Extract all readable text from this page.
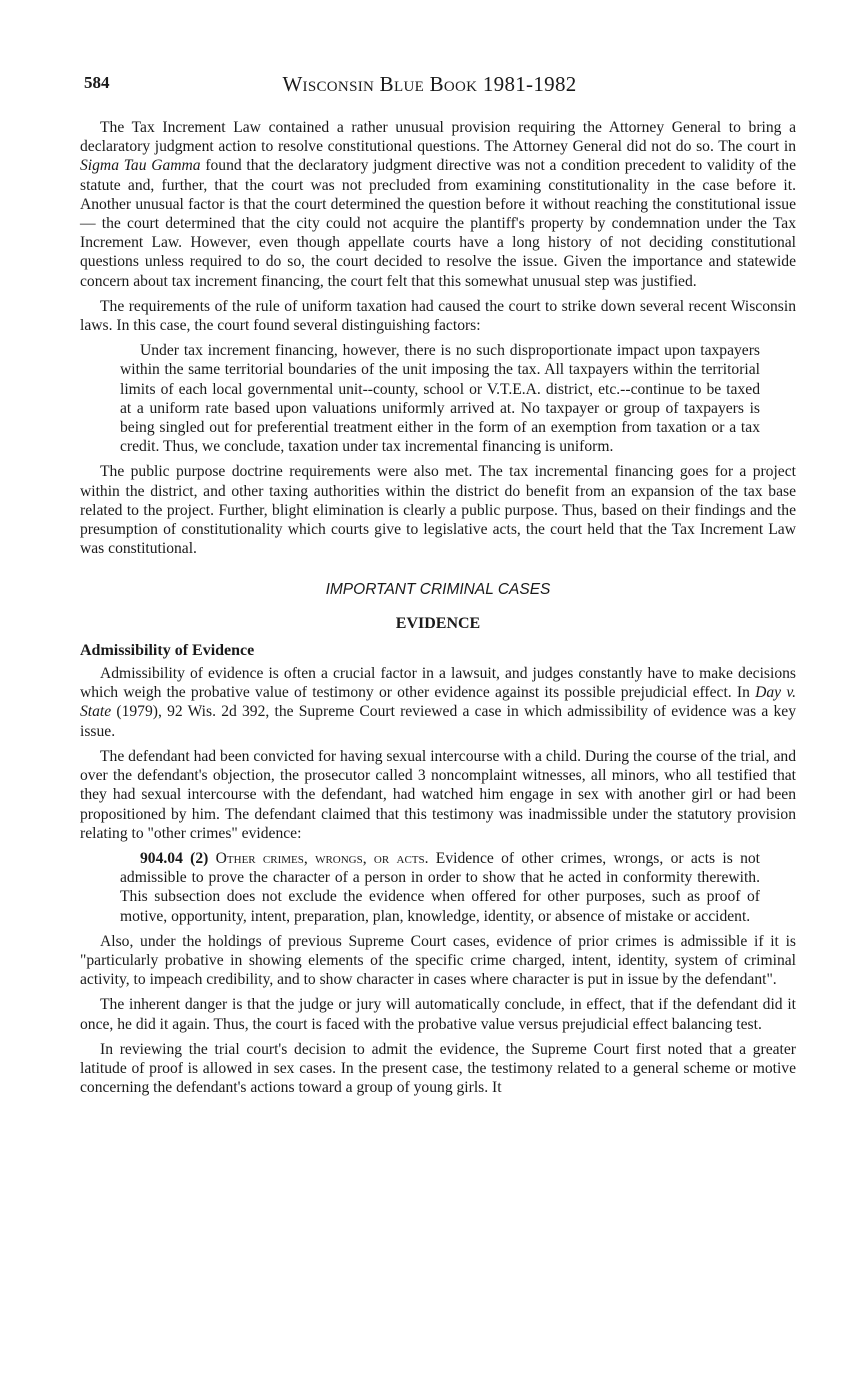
584	Wisconsin Blue Book 1981-1982

The Tax Increment Law contained a rather unusual provision requiring the Attorney General to bring a declaratory judgment action to resolve constitutional questions. The Attorney General did not do so. The court in Sigma Tau Gamma found that the declaratory judgment directive was not a condition precedent to validity of the statute and, further, that the court was not precluded from examining constitutionality in the case before it. Another unusual factor is that the court determined the question before it without reaching the constitutional issue — the court determined that the city could not acquire the plantiff's property by condemnation under the Tax Increment Law. However, even though appellate courts have a long history of not deciding constitutional questions unless required to do so, the court decided to resolve the issue. Given the importance and statewide concern about tax increment financing, the court felt that this somewhat unusual step was justified.

The requirements of the rule of uniform taxation had caused the court to strike down several recent Wisconsin laws. In this case, the court found several distinguishing factors:

Under tax increment financing, however, there is no such disproportionate impact upon taxpayers within the same territorial boundaries of the unit imposing the tax. All taxpayers within the territorial limits of each local governmental unit--county, school or V.T.E.A. district, etc.--continue to be taxed at a uniform rate based upon valuations uniformly arrived at. No taxpayer or group of taxpayers is being singled out for preferential treatment either in the form of an exemption from taxation or a tax credit. Thus, we conclude, taxation under tax incremental financing is uniform.

The public purpose doctrine requirements were also met. The tax incremental financing goes for a project within the district, and other taxing authorities within the district do benefit from an expansion of the tax base related to the project. Further, blight elimination is clearly a public purpose. Thus, based on their findings and the presumption of constitutionality which courts give to legislative acts, the court held that the Tax Increment Law was constitutional.

IMPORTANT CRIMINAL CASES
EVIDENCE
Admissibility of Evidence

Admissibility of evidence is often a crucial factor in a lawsuit, and judges constantly have to make decisions which weigh the probative value of testimony or other evidence against its possible prejudicial effect. In Day v. State (1979), 92 Wis. 2d 392, the Supreme Court reviewed a case in which admissibility of evidence was a key issue.

The defendant had been convicted for having sexual intercourse with a child. During the course of the trial, and over the defendant's objection, the prosecutor called 3 noncomplaint witnesses, all minors, who all testified that they had sexual intercourse with the defendant, had watched him engage in sex with another girl or had been propositioned by him. The defendant claimed that this testimony was inadmissible under the statutory provision relating to "other crimes" evidence:

904.04 (2) Other crimes, wrongs, or acts. Evidence of other crimes, wrongs, or acts is not admissible to prove the character of a person in order to show that he acted in conformity therewith. This subsection does not exclude the evidence when offered for other purposes, such as proof of motive, opportunity, intent, preparation, plan, knowledge, identity, or absence of mistake or accident.

Also, under the holdings of previous Supreme Court cases, evidence of prior crimes is admissible if it is "particularly probative in showing elements of the specific crime charged, intent, identity, system of criminal activity, to impeach credibility, and to show character in cases where character is put in issue by the defendant".

The inherent danger is that the judge or jury will automatically conclude, in effect, that if the defendant did it once, he did it again. Thus, the court is faced with the probative value versus prejudicial effect balancing test.

In reviewing the trial court's decision to admit the evidence, the Supreme Court first noted that a greater latitude of proof is allowed in sex cases. In the present case, the testimony related to a general scheme or motive concerning the defendant's actions toward a group of young girls. It
